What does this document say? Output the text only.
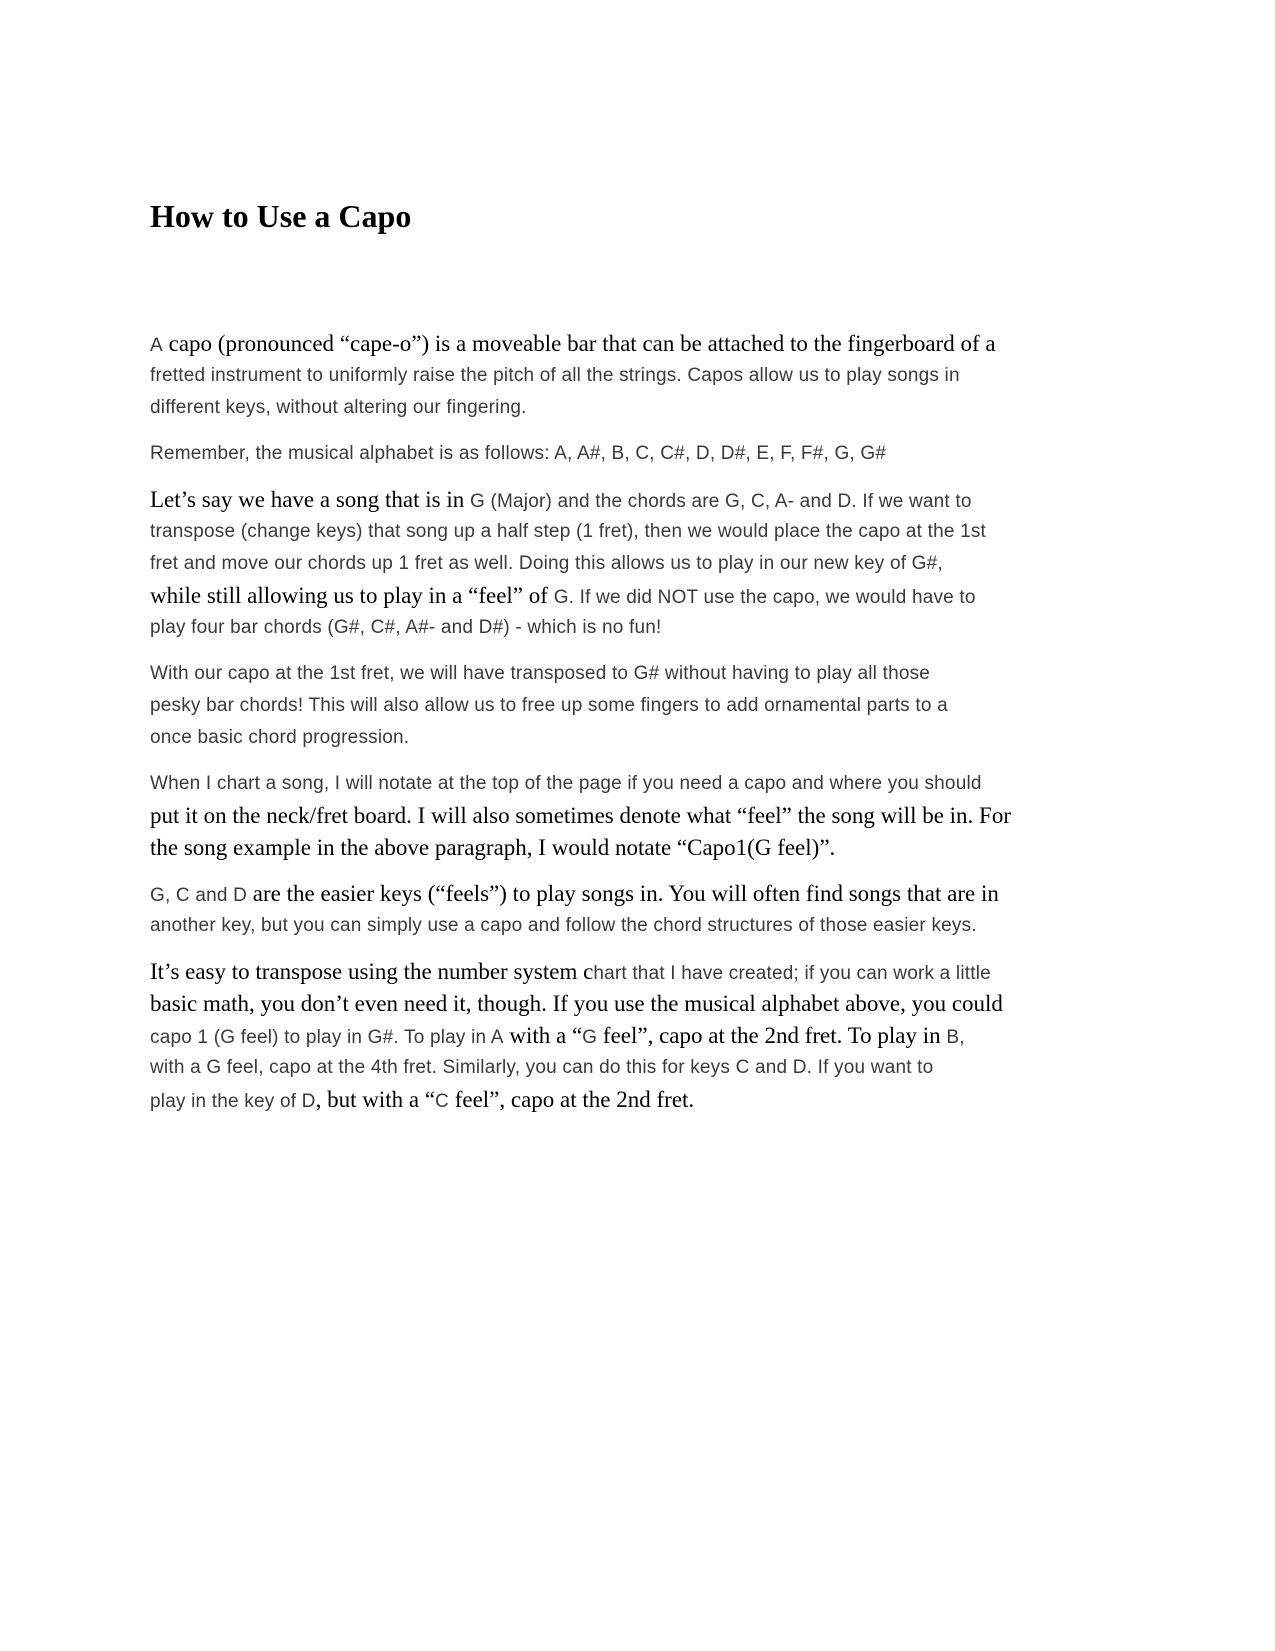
How to Use a Capo
A capo (pronounced “cape-o”) is a moveable bar that can be attached to the fingerboard of a
fretted instrument to uniformly raise the pitch of all the strings. Capos allow us to play songs in
different keys, without altering our fingering.
Remember, the musical alphabet is as follows: A, A#, B, C, C#, D, D#, E, F, F#, G, G#
Let’s say we have a song that is in G (Major) and the chords are G, C, A- and D. If we want to
transpose (change keys) that song up a half step (1 fret), then we would place the capo at the 1st
fret and move our chords up 1 fret as well. Doing this allows us to play in our new key of G#,
while still allowing us to play in a “feel” of G. If we did NOT use the capo, we would have to
play four bar chords (G#, C#, A#- and D#) - which is no fun!
With our capo at the 1st fret, we will have transposed to G# without having to play all those
pesky bar chords! This will also allow us to free up some fingers to add ornamental parts to a
once basic chord progression.
When I chart a song, I will notate at the top of the page if you need a capo and where you should
put it on the neck/fret board. I will also sometimes denote what “feel” the song will be in. For
the song example in the above paragraph, I would notate “Capo1(G feel)”.
G, C and D are the easier keys (“feels”) to play songs in. You will often find songs that are in
another key, but you can simply use a capo and follow the chord structures of those easier keys.
It’s easy to transpose using the number system chart that I have created; if you can work a little
basic math, you don’t even need it, though. If you use the musical alphabet above, you could
capo 1 (G feel) to play in G#. To play in A with a “G feel”, capo at the 2nd fret. To play in B,
with a G feel, capo at the 4th fret. Similarly, you can do this for keys C and D. If you want to
play in the key of D, but with a “C feel”, capo at the 2nd fret.
